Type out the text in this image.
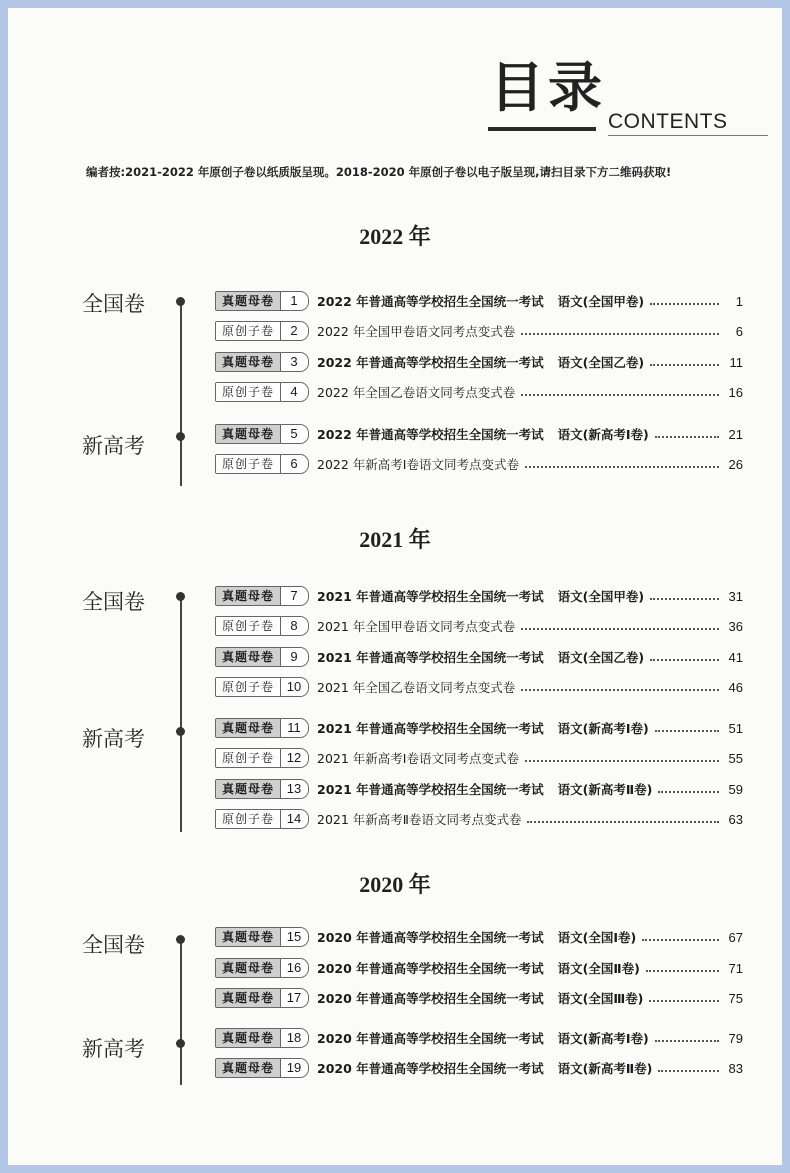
目录
CONTENTS
编者按:2021-2022 年原创子卷以纸质版呈现。2018-2020 年原创子卷以电子版呈现,请扫目录下方二维码获取!
2022 年
全国卷	真题母卷	1	2022 年普通高等学校招生全国统一考试 语文(全国甲卷)	1
原创子卷	2	2022 年全国甲卷语文同考点变式卷	6
真题母卷	3	2022 年普通高等学校招生全国统一考试 语文(全国乙卷)	11
原创子卷	4	2022 年全国乙卷语文同考点变式卷	16
新高考	真题母卷	5	2022 年普通高等学校招生全国统一考试 语文(新高考Ⅰ卷)	21
原创子卷	6	2022 年新高考Ⅰ卷语文同考点变式卷	26
2021 年
全国卷	真题母卷	7	2021 年普通高等学校招生全国统一考试 语文(全国甲卷)	31
原创子卷	8	2021 年全国甲卷语文同考点变式卷	36
真题母卷	9	2021 年普通高等学校招生全国统一考试 语文(全国乙卷)	41
原创子卷 10	2021 年全国乙卷语文同考点变式卷	46
新高考	真题母卷	11	2021 年普通高等学校招生全国统一考试 语文(新高考Ⅰ卷)	51
原创子卷 12	2021 年新高考Ⅰ卷语文同考点变式卷	55
真题母卷 13	2021 年普通高等学校招生全国统一考试 语文(新高考Ⅱ卷)	59
原创子卷 14	2021 年新高考Ⅱ卷语文同考点变式卷	63
2020 年
全国卷	真题母卷 15	2020 年普通高等学校招生全国统一考试 语文(全国Ⅰ卷)	67
真题母卷 16	2020 年普通高等学校招生全国统一考试 语文(全国Ⅱ卷)	71
真题母卷 17	2020 年普通高等学校招生全国统一考试 语文(全国Ⅲ卷)	75
新高考	真题母卷 18	2020 年普通高等学校招生全国统一考试 语文(新高考Ⅰ卷)	79
真题母卷 19	2020 年普通高等学校招生全国统一考试 语文(新高考Ⅱ卷)	83
